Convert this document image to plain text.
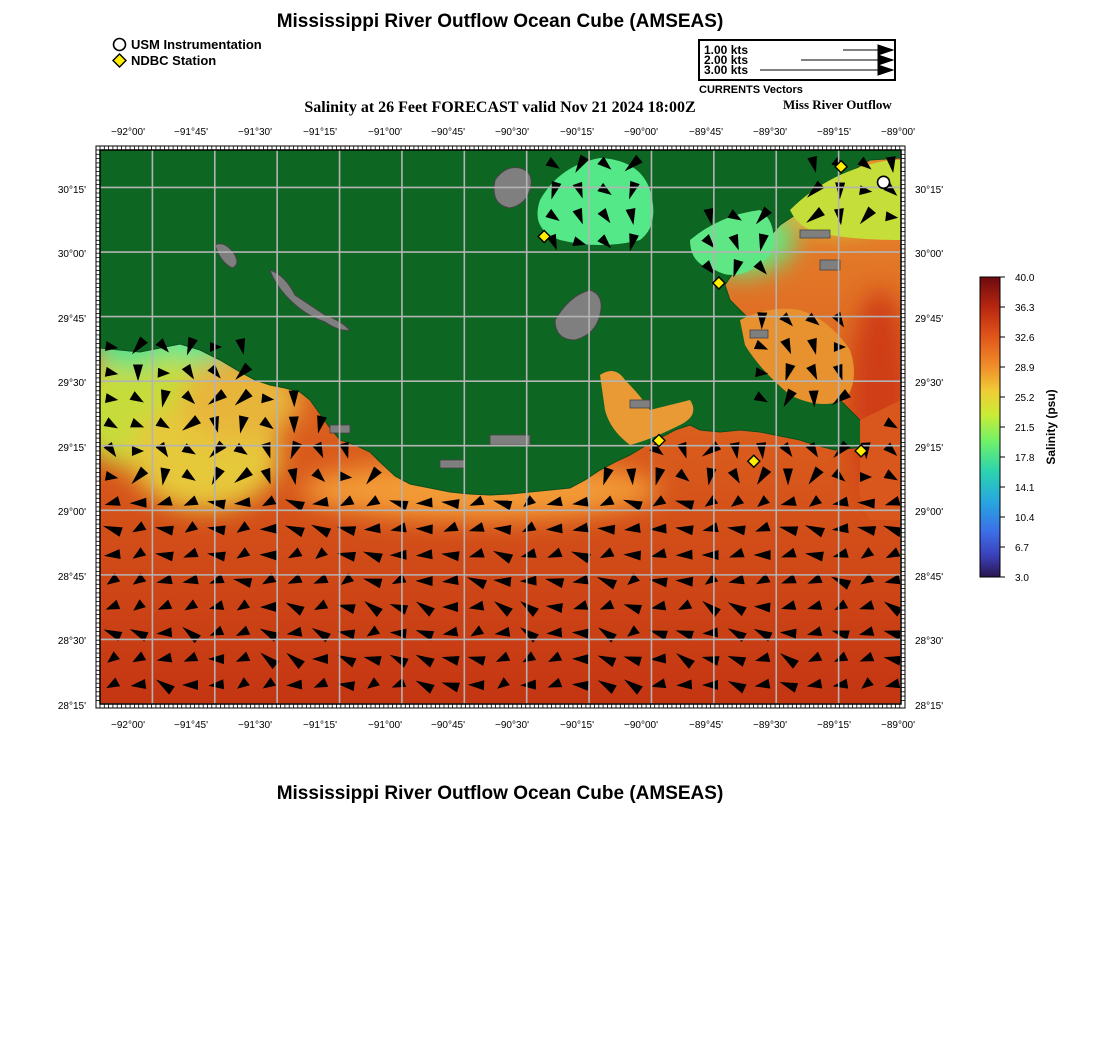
Mississippi River Outflow Ocean Cube (AMSEAS)
USM Instrumentation
NDBC Station
1.00 kts
2.00 kts
3.00 kts
CURRENTS Vectors
Salinity at 26 Feet FORECAST valid Nov 21 2024 18:00Z	Miss River Outflow
−92°00'	−91°45'	−91°30'	−91°15'	−91°00'	−90°45'	−90°30'	−90°15'	−90°00'	−89°45'	−89°30'	−89°15'	−89°00'
−92°00'	−91°45'	−91°30'	−91°15'	−91°00'	−90°45'	−90°30'	−90°15'	−90°00'	−89°45'	−89°30'	−89°15'	−89°00'
30°15'
30°00'
29°45'
29°30'
29°15'
29°00'
28°45'
28°30'
28°15'
30°15'
30°00'
29°45'
29°30'
29°15'
29°00'
28°45'
28°30'
28°15'
40.0
36.3
32.6
28.9
25.2
21.5
17.8
14.1
10.4
6.7
3.0
Salinity (psu)
Mississippi River Outflow Ocean Cube (AMSEAS)
